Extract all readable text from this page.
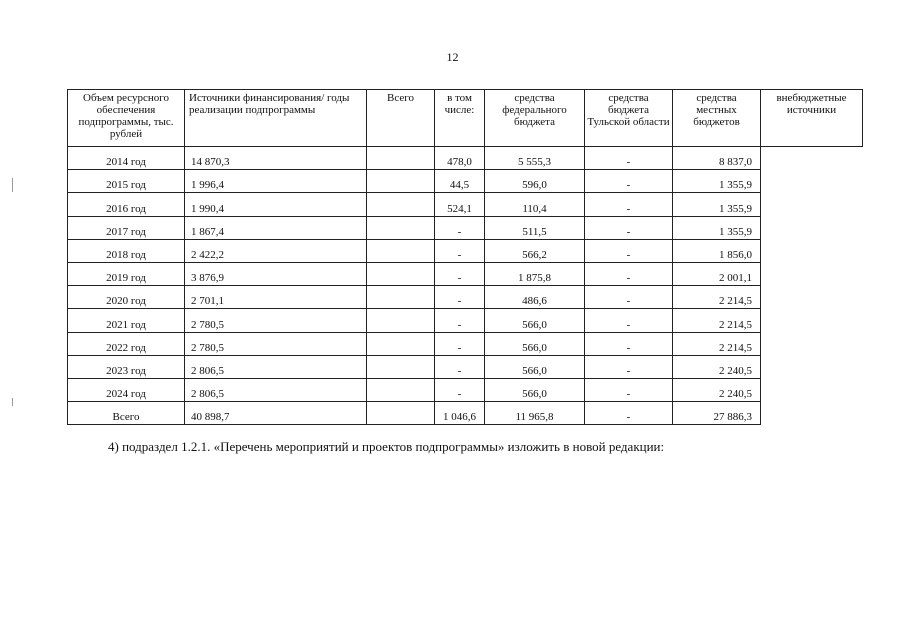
12
Объем ресурсного обеспечения подпрограммы, тыс. рублей	Источники финансирования/ годы реализации подпрограммы	Всего	в том числе:	средства федерального бюджета	средства бюджета Тульской области	средства местных бюджетов	внебюджетные источники
2014 год	14 870,3		478,0	5 555,3	-	8 837,0	
2015 год	1 996,4		44,5	596,0	-	1 355,9	
2016 год	1 990,4		524,1	110,4	-	1 355,9	
2017 год	1 867,4		-	511,5	-	1 355,9	
2018 год	2 422,2		-	566,2	-	1 856,0	
2019 год	3 876,9		-	1 875,8	-	2 001,1	
2020 год	2 701,1		-	486,6	-	2 214,5	
2021 год	2 780,5		-	566,0	-	2 214,5	
2022 год	2 780,5		-	566,0	-	2 214,5	
2023 год	2 806,5		-	566,0	-	2 240,5	
2024 год	2 806,5		-	566,0	-	2 240,5	
Всего	40 898,7		1 046,6	11 965,8	-	27 886,3	
4) подраздел 1.2.1. «Перечень мероприятий и проектов подпрограммы» изложить в новой редакции:
